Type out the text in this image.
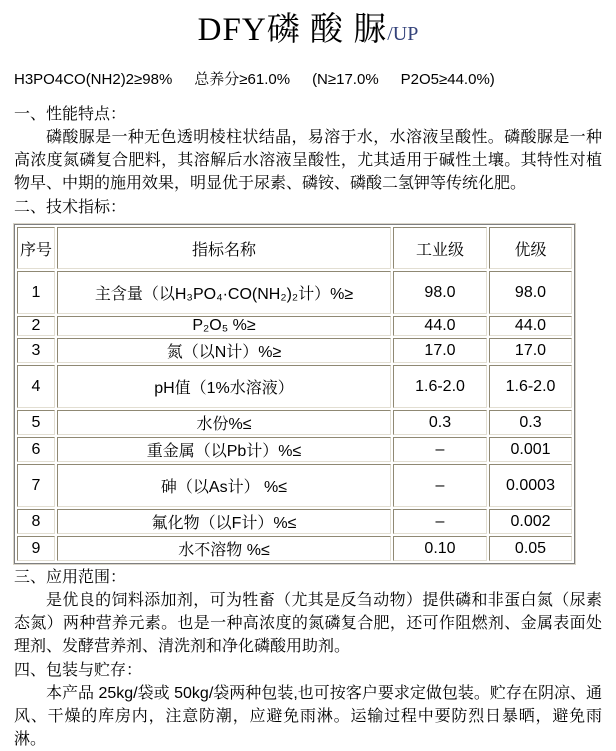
DFY磷 酸 脲/UP
H3PO4CO(NH2)2≥98% 总养分≥61.0% (N≥17.0% P2O5≥44.0%)
一、性能特点：

磷酸脲是一种无色透明棱柱状结晶，易溶于水，水溶液呈酸性。磷酸脲是一种高浓度氮磷复合肥料，其溶解后水溶液呈酸性，尤其适用于碱性土壤。其特性对植物早、中期的施用效果，明显优于尿素、磷铵、磷酸二氢钾等传统化肥。

二、技术指标：
序号	指标名称	工业级	优级
1	主含量（以H₃PO₄·CO(NH₂)₂计）%≥	98.0	98.0
2	P₂O₅ %≥	44.0	44.0
3	氮（以N计）%≥	17.0	17.0
4	pH值（1%水溶液）	1.6-2.0	1.6-2.0
5	水份%≤	0.3	0.3
6	重金属（以Pb计）%≤	–	0.001
7	砷（以As计） %≤	–	0.0003
8	氟化物（以F计）%≤	–	0.002
9	水不溶物 %≤	0.10	0.05
三、应用范围：

是优良的饲料添加剂，可为牲畜（尤其是反刍动物）提供磷和非蛋白氮（尿素态氮）两种营养元素。也是一种高浓度的氮磷复合肥，还可作阻燃剂、金属表面处理剂、发酵营养剂、清洗剂和净化磷酸用助剂。

四、包装与贮存：

本产品 25kg/袋或 50kg/袋两种包装,也可按客户要求定做包装。贮存在阴凉、通风、干燥的库房内，注意防潮，应避免雨淋。运输过程中要防烈日暴晒，避免雨淋。
